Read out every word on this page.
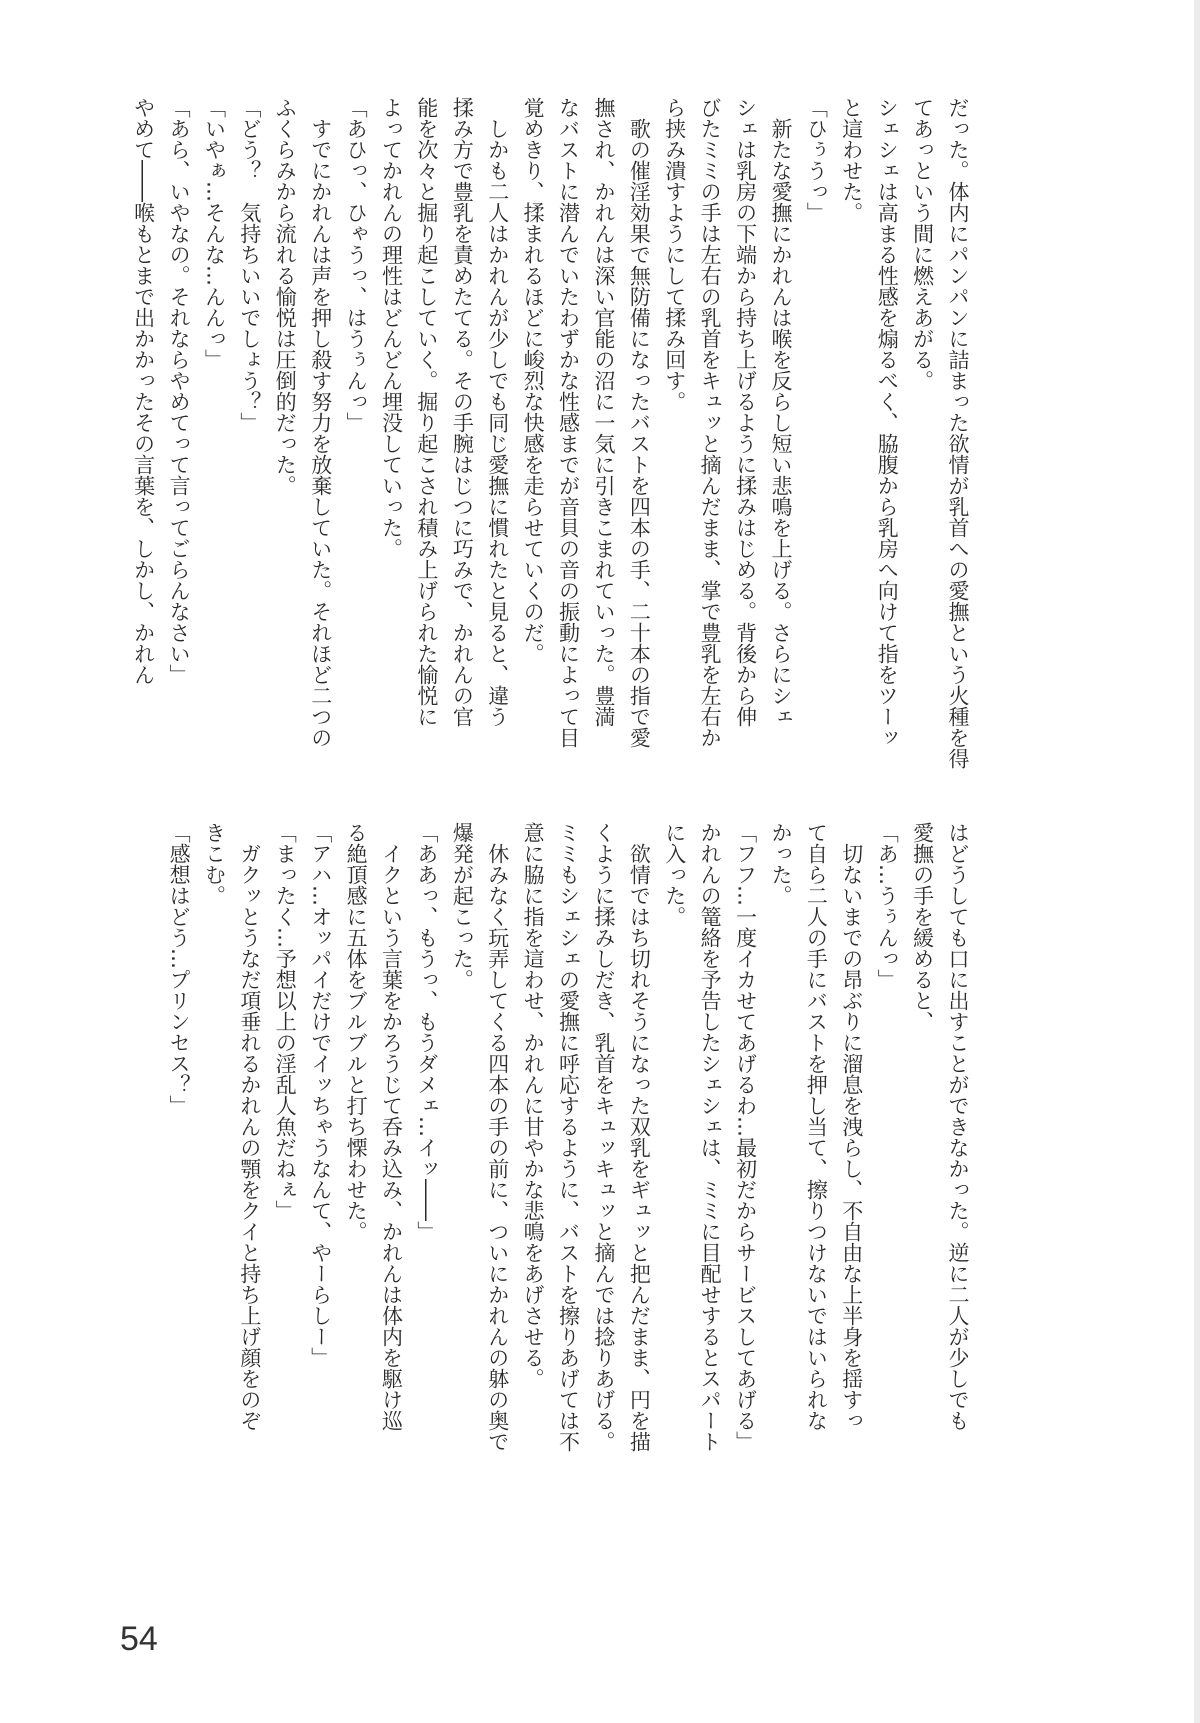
だった。体内にパンパンに詰まった欲情が乳首への愛撫という火種を得
てあっという間に燃えあがる。
シェシェは高まる性感を煽るべく、脇腹から乳房へ向けて指をツーッ
と這わせた。
「ひぅうっ」
　新たな愛撫にかれんは喉を反らし短い悲鳴を上げる。さらにシェ
シェは乳房の下端から持ち上げるように揉みはじめる。背後から伸
びたミミの手は左右の乳首をキュッと摘んだまま、掌で豊乳を左右か
ら挟み潰すようにして揉み回す。
　歌の催淫効果で無防備になったバストを四本の手、二十本の指で愛
撫され、かれんは深い官能の沼に一気に引きこまれていった。豊満
なバストに潜んでいたわずかな性感までが音貝の音の振動によって目
覚めきり、揉まれるほどに峻烈な快感を走らせていくのだ。
　しかも二人はかれんが少しでも同じ愛撫に慣れたと見ると、違う
揉み方で豊乳を責めたてる。その手腕はじつに巧みで、かれんの官
能を次々と掘り起こしていく。掘り起こされ積み上げられた愉悦に
よってかれんの理性はどんどん埋没していった。
「あひっ、ひゃうっ、はうぅんっ」
　すでにかれんは声を押し殺す努力を放棄していた。それほど二つの
ふくらみから流れる愉悦は圧倒的だった。
「どう？　気持ちいいでしょう？」
「いやぁ…そんな…んんっ」
「あら、いやなの。それならやめてって言ってごらんなさい」
やめて――喉もとまで出かかったその言葉を、しかし、かれん
はどうしても口に出すことができなかった。逆に二人が少しでも
愛撫の手を緩めると、
「あ…うぅんっ」
　切ないまでの昂ぶりに溜息を洩らし、不自由な上半身を揺すっ
て自ら二人の手にバストを押し当て、擦りつけないではいられな
かった。
「フフ…一度イカせてあげるわ…最初だからサービスしてあげる」
かれんの篭絡を予告したシェシェは、ミミに目配せするとスパート
に入った。
　欲情ではち切れそうになった双乳をギュッと把んだまま、円を描
くように揉みしだき、乳首をキュッキュッと摘んでは捻りあげる。
ミミもシェシェの愛撫に呼応するように、バストを擦りあげては不
意に脇に指を這わせ、かれんに甘やかな悲鳴をあげさせる。
　休みなく玩弄してくる四本の手の前に、ついにかれんの躰の奥で
爆発が起こった。
「ああっ、もうっ、もうダメェ…イッ――」
　イクという言葉をかろうじて呑み込み、かれんは体内を駆け巡
る絶頂感に五体をブルブルと打ち慄わせた。
「アハ…オッパイだけでイッちゃうなんて、やーらしー」
「まったく…予想以上の淫乱人魚だねぇ」
　ガクッとうなだ項垂れるかれんの顎をクイと持ち上げ顔をのぞ
きこむ。
「感想はどう…プリンセス？」
54
